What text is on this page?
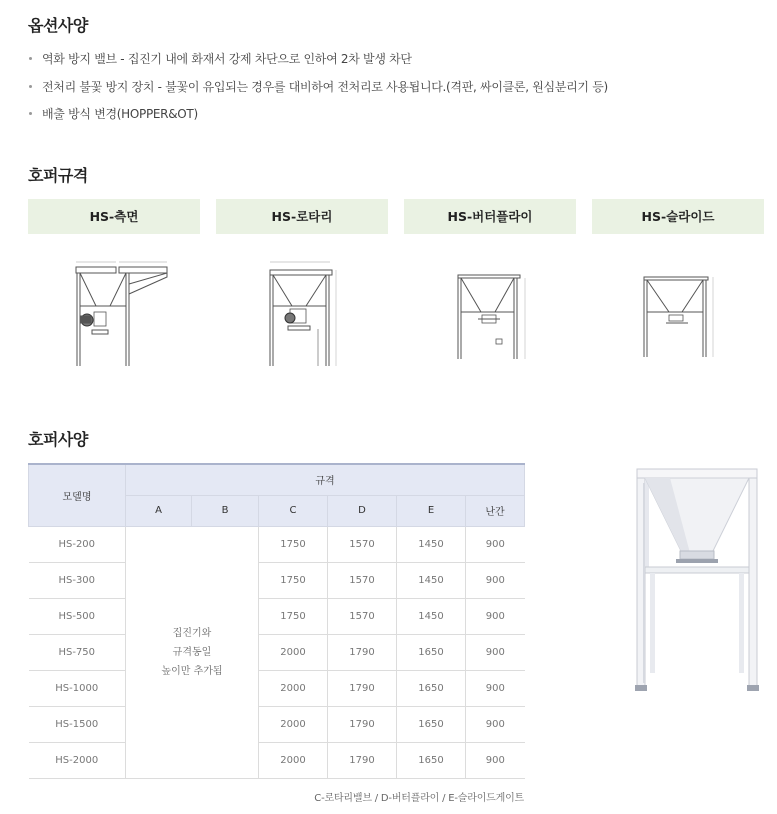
옵션사양
역화 방지 밸브 - 집진기 내에 화재서 강제 차단으로 인하여 2차 발생 차단
전처리 불꽃 방지 장치 - 불꽃이 유입되는 경우를 대비하여 전처리로 사용됩니다.(격판, 싸이클론, 원심분리기 등)
배출 방식 변경(HOPPER&OT)
호퍼규격
HS-측면	HS-로타리	HS-버터플라이	HS-슬라이드
호퍼사양
모델명	규격					
	A	B	C	D	E	난간
HS-200	집진기와
규격동일
높이만 추가됨		1750	1570	1450	900
HS-300			1750	1570	1450	900
HS-500			1750	1570	1450	900
HS-750			2000	1790	1650	900
HS-1000			2000	1790	1650	900
HS-1500			2000	1790	1650	900
HS-2000			2000	1790	1650	900
C-로타리밸브 / D-버터플라이 / E-슬라이드게이트
